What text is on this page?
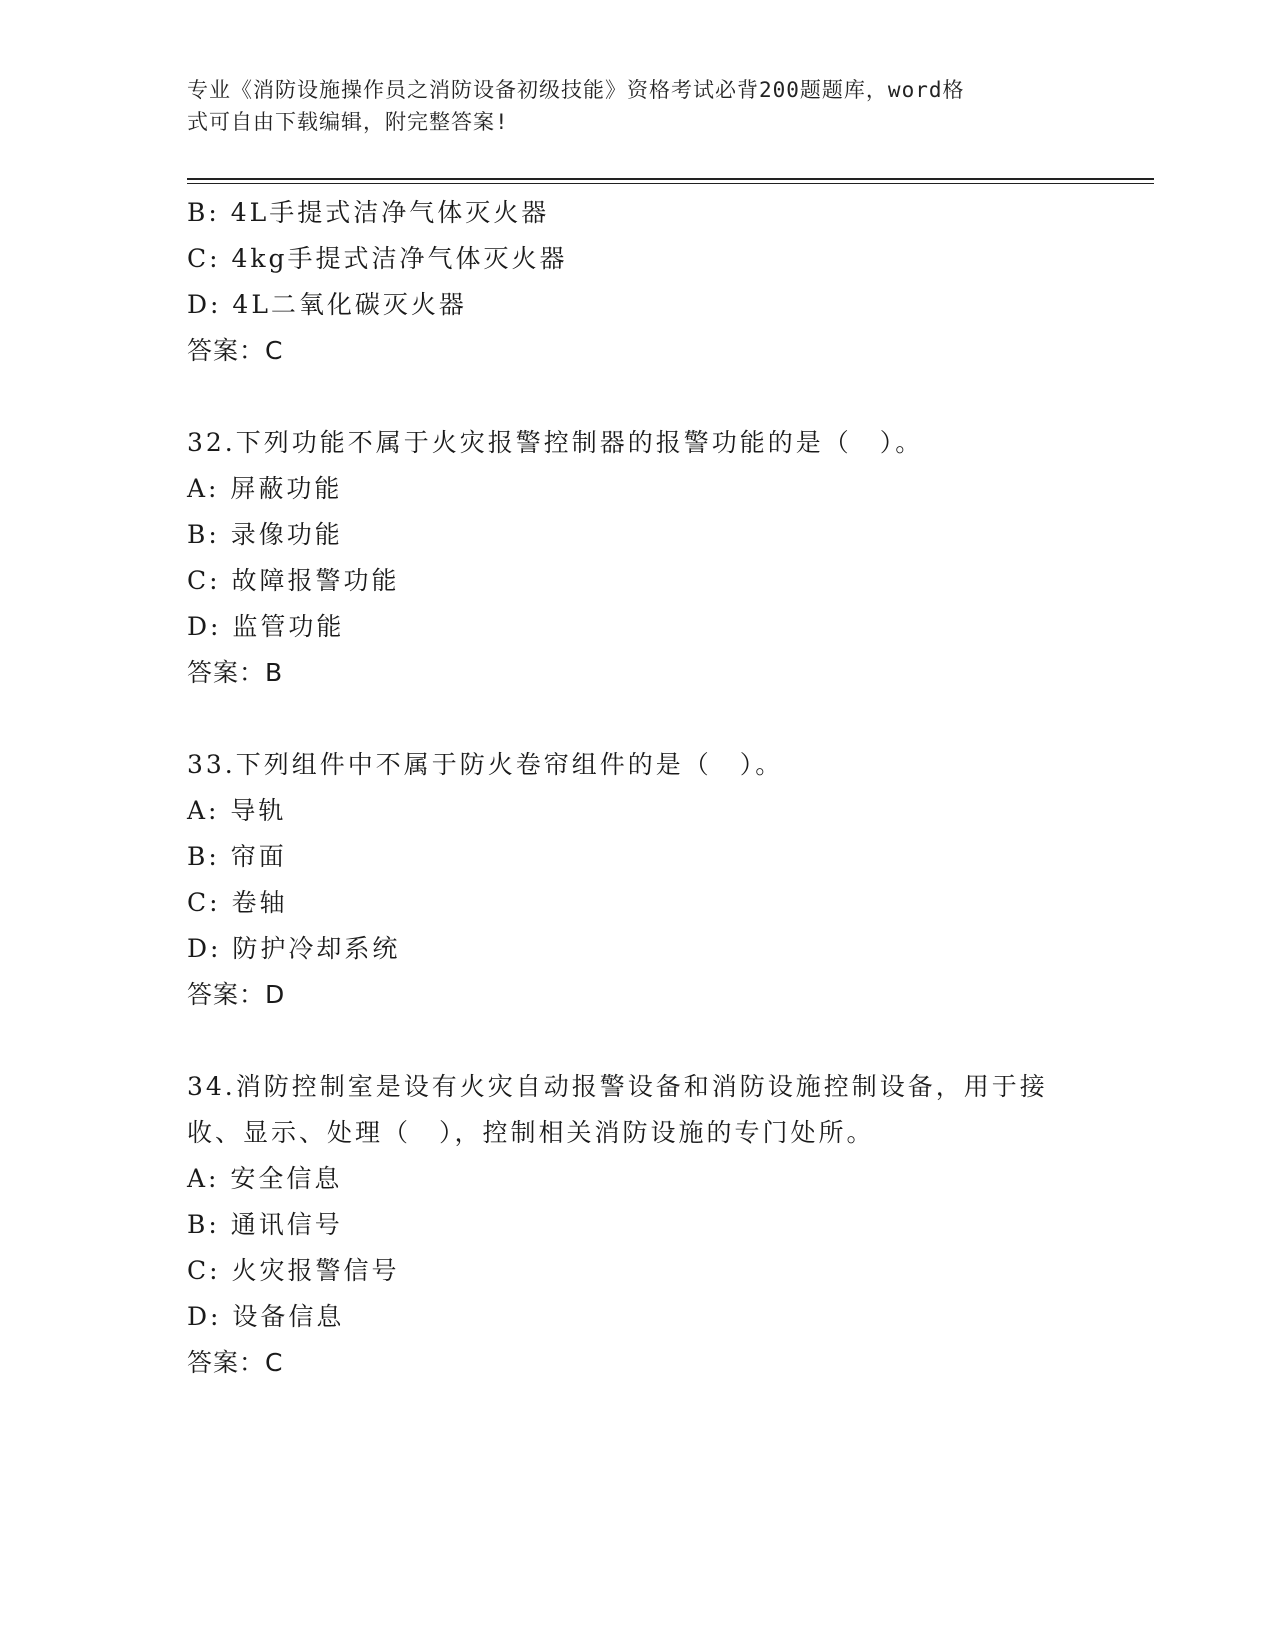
专业《消防设施操作员之消防设备初级技能》资格考试必背200题题库，word格
式可自由下载编辑，附完整答案!
B: 4L手提式洁净气体灭火器
C: 4kg手提式洁净气体灭火器
D: 4L二氧化碳灭火器
答案：C
32.下列功能不属于火灾报警控制器的报警功能的是（　）。
A: 屏蔽功能
B: 录像功能
C: 故障报警功能
D: 监管功能
答案：B
33.下列组件中不属于防火卷帘组件的是（　）。
A: 导轨
B: 帘面
C: 卷轴
D: 防护冷却系统
答案：D
34.消防控制室是设有火灾自动报警设备和消防设施控制设备，用于接
收、显示、处理（　），控制相关消防设施的专门处所。
A: 安全信息
B: 通讯信号
C: 火灾报警信号
D: 设备信息
答案：C
